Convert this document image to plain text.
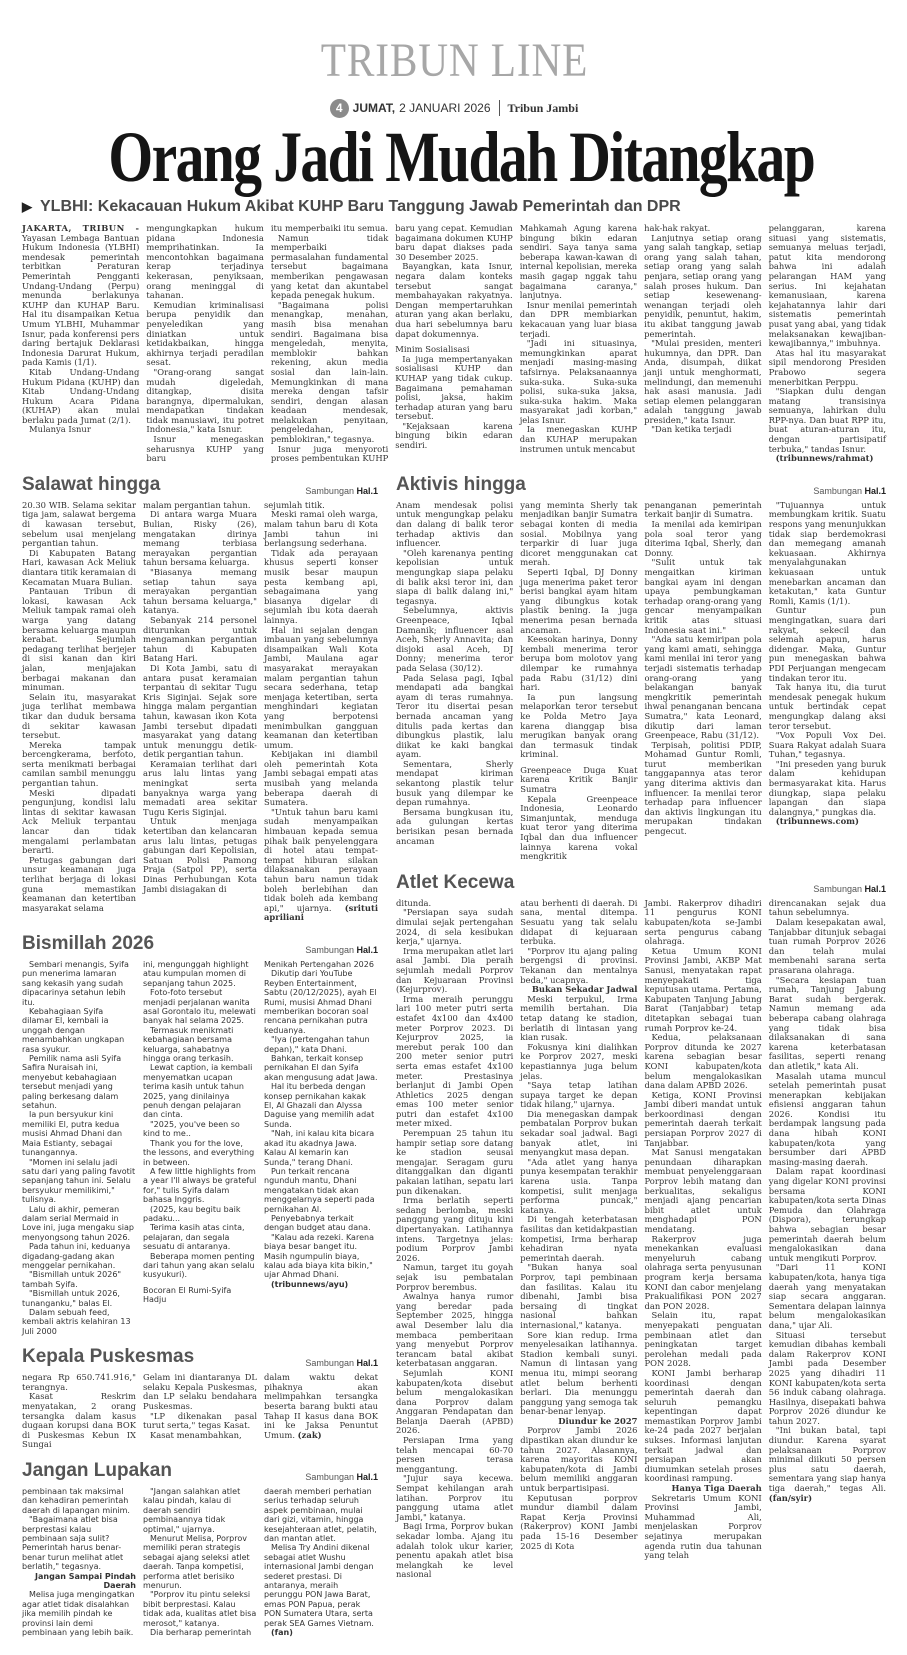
TRIBUN LINE
4 JUMAT, 2 JANUARI 2026 Tribun Jambi
Orang Jadi Mudah Ditangkap
▶ YLBHI: Kekacauan Hukum Akibat KUHP Baru Tanggung Jawab Pemerintah dan DPR

JAKARTA, TRIBUN - Yayasan Lembaga Bantuan Hukum Indonesia (YLBHI) mendesak pemerintah terbitkan Peraturan Pemerintah Pengganti Undang-Undang (Perpu) menunda berlakunya KUHP dan KUHAP Baru. Hal itu disampaikan Ketua Umum YLBHI, Muhammar Isnur, pada konferensi pers daring bertajuk Deklarasi Indonesia Darurat Hukum, pada Kamis (1/1).

Kitab Undang-Undang Hukum Pidana (KUHP) dan Kitab Undang-Undang Hukum Acara Pidana (KUHAP) akan mulai berlaku pada Jumat (2/1).

Mulanya Isnur

mengungkapkan hukum pidana Indonesia memprihatinkan. Ia mencontohkan bagaimana kerap terjadinya kekerasan, penyiksaan, orang meninggal di tahanan.

Kemudian kriminalisasi berupa penyidik dan penyeledikan yang diniatkan untuk ketidakbaikan, hingga akhirnya terjadi peradilan sesat.

"Orang-orang sangat mudah digeledah, ditangkap, disita barangnya, dipermalukan, mendapatkan tindakan tidak manusiawi, itu potret Indonesia," kata Isnur.

Isnur menegaskan seharusnya KUHP yang baru

itu memperbaiki itu semua.

Namun tidak memperbaiki permasalahan fundamental tersebut bagaimana memberikan pengawasan yang ketat dan akuntabel kepada penegak hukum.

"Bagaimana polisi menangkap, menahan, masih bisa menahan sendiri. Bagaimana bisa mengeledah, menyita, memblokir bahkan rekening, akun media sosial dan lain-lain. Memungkinkan di mana mereka dengan tafsir sendiri, dengan alasan keadaan mendesak, melakukan penyitaan, pengeledahan, pemblokiran," tegasnya.

Isnur juga menyoroti proses pembentukan KUHP

baru yang cepat. Kemudian bagaimana dokumen KUHP baru dapat diakses pada 30 Desember 2025.

Bayangkan, kata Isnur, negara dalam konteks tersebut sangat membahayakan rakyatnya. Dengan mempertaruhkan aturan yang akan berlaku, dua hari sebelumnya baru dapat dokumennya.

Minim Sosialisasi

Ia juga mempertanyakan sosialisasi KUHP dan KUHAP yang tidak cukup. Bagaimana pemahaman polisi, jaksa, hakim terhadap aturan yang baru tersebut.

"Kejaksaan karena bingung bikin edaran sendiri.

Mahkamah Agung karena bingung bikin edaran sendiri. Saya tanya sama beberapa kawan-kawan di internal kepolisian, mereka masih gagap nggak tahu bagaimana caranya," lanjutnya.

Isnur menilai pemerintah dan DPR membiarkan kekacauan yang luar biasa terjadi.

"Jadi ini situasinya, memungkinkan aparat menjadi masing-masing tafsirnya. Pelaksanaannya suka-suka. Suka-suka polisi, suka-suka jaksa, suka-suka hakim. Maka masyarakat jadi korban," jelas Isnur.

Ia menegaskan KUHP dan KUHAP merupakan instrumen untuk mencabut

hak-hak rakyat.

Lanjutnya setiap orang yang salah tangkap, setiap orang yang salah tahan, setiap orang yang salah penjara, setiap orang yang salah proses hukum. Dan setiap kesewenang-wenangan terjadi oleh penyidik, penuntut, hakim, itu akibat tanggung jawab pemerintah.

"Mulai presiden, menteri hukumnya, dan DPR. Dan Anda, disumpah, diikat janji untuk menghormati, melindungi, dan memenuhi hak asasi manusia. Jadi setiap elemen pelanggaran adalah tanggung jawab presiden," kata Isnur.

"Dan ketika terjadi

pelanggaran, karena situasi yang sistematis, semuanya meluas terjadi, patut kita mendorong bahwa ini adalah pelarangan HAM yang serius. Ini kejahatan kemanusiaan, karena kejahatannya lahir dari sistematis pemerintah pusat yang abai, yang tidak melaksanakan kewajiban-kewajibannya," imbuhnya.

Atas hal itu masyarakat sipil mendorong Presiden Prabowo segera menerbitkan Perppu.

"Siapkan dulu dengan matang transisinya semuanya, lahirkan dulu RPP-nya. Dan buat RPP itu, buat aturan-aturan itu, dengan partisipatif terbuka," tandas Isnur.

(tribunnews/rahmat)

Salawat hingga	Sambungan Hal.1

20.30 WIB. Selama sekitar tiga jam, salawat bergema di kawasan tersebut, sebelum usai menjelang pergantian tahun.

Di Kabupaten Batang Hari, kawasan Ack Meliuk diantara titik keramaian di Kecamatan Muara Bulian.

Pantauan Tribun di lokasi, kawasan Ack Meliuk tampak ramai oleh warga yang datang bersama keluarga maupun kerabat. Sejumlah pedagang terlihat berjejer di sisi kanan dan kiri jalan, menjajakan berbagai makanan dan minuman.

Selain itu, masyarakat juga terlihat membawa tikar dan duduk bersama di sekitar kawasan tersebut.

Mereka tampak bercengkerama, berfoto, serta menikmati berbagai camilan sambil menunggu pergantian tahun.

Meski dipadati pengunjung, kondisi lalu lintas di sekitar kawasan Ack Meliuk terpantau lancar dan tidak mengalami perlambatan berarti.

Petugas gabungan dari unsur keamanan juga terlihat berjaga di lokasi guna memastikan keamanan dan ketertiban masyarakat selama

malam pergantian tahun.

Di antara warga Muara Bulian, Risky (26), mengatakan dirinya memang terbiasa merayakan pergantian tahun bersama keluarga.

"Biasanya memang setiap tahun saya merayakan pergantian tahun bersama keluarga," katanya.

Sebanyak 214 personel diturunkan untuk mengamankan pergantian tahun di Kabupaten Batang Hari.

Di Kota Jambi, satu di antara pusat keramaian terpantau di sekitar Tugu Kris Siginjai. Sejak sore hingga malam pergantian tahun, kawasan ikon Kota Jambi tersebut dipadati masyarakat yang datang untuk menunggu detik-detik pergantian tahun.

Keramaian terlihat dari arus lalu lintas yang meningkat serta banyaknya warga yang memadati area sekitar Tugu Keris Siginjai.

Untuk menjaga ketertiban dan kelancaran arus lalu lintas, petugas gabungan dari Kepolisian, Satuan Polisi Pamong Praja (Satpol PP), serta Dinas Perhubungan Kota Jambi disiagakan di

sejumlah titik.

Meski ramai oleh warga, malam tahun baru di Kota Jambi tahun ini berlangsung sederhana.

Tidak ada perayaan khusus seperti konser musik besar maupun pesta kembang api, sebagaimana yang biasanya digelar di sejumlah ibu kota daerah lainnya.

Hal ini sejalan dengan imbauan yang sebelumnya disampaikan Wali Kota Jambi, Maulana agar masyarakat merayakan malam pergantian tahun secara sederhana, tetap menjaga ketertiban, serta menghindari kegiatan yang berpotensi menimbulkan gangguan keamanan dan ketertiban umum.

Kebijakan ini diambil oleh pemerintah Kota Jambi sebagai empati atas musibah yang melanda beberapa daerah di Sumatera.

"Untuk tahun baru kami sudah menyampaikan himbauan kepada semua pihak baik penyelenggara di hotel atau tempat-tempat hiburan silakan dilaksanakan perayaan tahun baru namun tidak boleh berlebihan dan tidak boleh ada kembang api," ujarnya. (srituti apriliani

Bismillah 2026	Sambungan Hal.1

Sembari menangis, Syifa pun menerima lamaran sang kekasih yang sudah dipacarinya setahun lebih itu.

Kebahagiaan Syifa dilamar El, kembali ia unggah dengan menambahkan ungkapan rasa syukur.

Pemilik nama asli Syifa Safira Nuraisah ini, menyebut kebahagiaan tersebut menjadi yang paling berkesang dalam setahun.

Ia pun bersyukur kini memiliki El, putra kedua musisi Ahmad Dhani dan Maia Estianty, sebagai tunangannya.

"Momen ini selalu jadi satu dari yang paling favotit sepanjang tahun ini. Selalu bersyukur memilikimi," tulisnya.

Lalu di akhir, pemeran dalam serial Mermaid in Love ini, juga mengaku siap menyongsong tahun 2026.

Pada tahun ini, keduanya digadang-gadang akan menggelar pernikahan.

"Bismillah untuk 2026" tambah Syifa.

"Bismillah untuk 2026, tunanganku," balas El.

Dalam sebuah feed, kembali aktris kelahiran 13 Juli 2000

ini, mengunggah highlight atau kumpulan momen di sepanjang tahun 2025.

Foto-foto tersebut menjadi perjalanan wanita asal Gorontalo itu, melewati banyak hal selama 2025.

Termasuk menikmati kebahagiaan bersama keluarga, sahabatnya hingga orang terkasih.

Lewat caption, ia kembali menyematkan ucapan terima kasih untuk tahun 2025, yang dinilainya penuh dengan pelajaran dan cinta.

"2025, you've been so kind to me..

Thank you for the love, the lessons, and everything in between.

A few little highlights from a year I'll always be grateful for," tulis Syifa dalam bahasa Inggris.

(2025, kau begitu baik padaku...

Terima kasih atas cinta, pelajaran, dan segala sesuatu di antaranya.

Beberapa momen penting dari tahun yang akan selalu kusyukuri).

Bocoran El Rumi-Syifa Hadju

Menikah Pertengahan 2026

Dikutip dari YouTube Reyben Entertainment, Sabtu (20/12/2025), ayah El Rumi, musisi Ahmad Dhani memberikan bocoran soal rencana pernikahan putra keduanya.

"Iya (pertengahan tahun depan)," kata Dhani.

Bahkan, terkait konsep pernikahan El dan Syifa akan mengusung adat Jawa.

Hal itu berbeda dengan konsep pernikahan kakak El, Al Ghazali dan Alyssa Daguise yang memilih adat Sunda.

"Nah, ini kalau kita bicara akad itu akadnya Jawa. Kalau Al kemarin kan Sunda," terang Dhani.

Pun terkait rencana ngunduh mantu, Dhani mengatakan tidak akan menggelarnya seperti pada pernikahan Al.

Penyebabnya terkait dengan budget atau dana.

"Kalau ada rezeki. Karena biaya besar banget itu. Masih ngumpulin biaya, kalau ada biaya kita bikin," ujar Ahmad Dhani.

(tribunnews/ayu)

Kepala Puskesmas	Sambungan Hal.1

negara Rp 650.741.916," terangnya.

Kasat Reskrim menyatakan, 2 orang tersangka dalam kasus dugaan korupsi dana BOK di Puskesmas Kebun IX Sungai

Gelam ini diantaranya DL selaku Kepala Puskesmas, dan LP selaku bendahara Puskesmas.

"LP dikenakan pasal turut serta," tegas Kasat.

Kasat menambahkan,

dalam waktu dekat pihaknya akan melimpahkan tersangka beserta barang bukti atau Tahap II kasus dana BOK ini ke Jaksa Penuntut Umum. (zak)

Jangan Lupakan	Sambungan Hal.1

pembinaan tak maksimal dan kehadiran pemerintah daerah di lapangan minim.

"Bagaimana atlet bisa berprestasi kalau pembinaan saja sulit? Pemerintah harus benar-benar turun melihat atlet berlatih," tegasnya.

Jangan Sampai Pindah Daerah

Melisa juga mengingatkan agar atlet tidak disalahkan jika memilih pindah ke provinsi lain demi pembinaan yang lebih baik.

"Jangan salahkan atlet kalau pindah, kalau di daerah sendiri pembinaannya tidak optimal," ujarnya.

Menurut Melisa, Porprov memiliki peran strategis sebagai ajang seleksi atlet daerah. Tanpa kompetisi, performa atlet berisiko menurun.

"Porprov itu pintu seleksi bibit berprestasi. Kalau tidak ada, kualitas atlet bisa merosot," katanya.

Dia berharap pemerintah

daerah memberi perhatian serius terhadap seluruh aspek pembinaan, mulai dari gizi, vitamin, hingga kesejahteraan atlet, pelatih, dan mantan atlet.

Melisa Try Andini dikenal sebagai atlet Wushu internasional Jambi dengan sederet prestasi. Di antaranya, meraih perunggu PON Jawa Barat, emas PON Papua, perak PON Sumatera Utara, serta perak SEA Games Vietnam.

(fan)

Aktivis hingga	Sambungan Hal.1

Anam mendesak polisi untuk mengungkap pelaku dan dalang di balik teror terhadap aktivis dan influencer.

"Oleh karenanya penting kepolisian untuk mengungkap siapa pelaku di balik aksi teror ini, dan siapa di balik dalang ini," tegasnya.

Sebelumnya, aktivis Greenpeace, Iqbal Damanik; influencer asal Aceh, Sherly Annavita; dan disjoki asal Aceh, DJ Donny; menerima teror pada Selasa (30/12).

Pada Selasa pagi, Iqbal mendapati ada bangkai ayam di teras rumahnya. Teror itu disertai pesan bernada ancaman yang ditulis pada kertas dan dibungkus plastik, lalu diikat ke kaki bangkai ayam.

Sementara, Sherly mendapat kiriman sekantong plastik telur busuk yang dilempar ke depan rumahnya.

Bersama bungkusan itu, ada gulungan kertas berisikan pesan bernada ancaman

yang meminta Sherly tak menjadikan banjir Sumatra sebagai konten di media sosial. Mobilnya yang terparkir di luar juga dicoret menggunakan cat merah.

Seperti Iqbal, DJ Donny juga menerima paket teror berisi bangkai ayam hitam yang dibungkus kotak plastik bening. Ia juga menerima pesan bernada ancaman.

Keesokan harinya, Donny kembali menerima teror berupa bom molotov yang dilempar ke rumahnya pada Rabu (31/12) dini hari.

Ia pun langsung melaporkan teror tersebut ke Polda Metro Jaya karena dianggap bisa merugikan banyak orang dan termasuk tindak kriminal.

Greenpeace Duga Kuat karena Kritik Banjir Sumatra

Kepala Greenpeace Indonesia, Leonardo Simanjuntak, menduga kuat teror yang diterima Iqbal dan dua influencer lainnya karena vokal mengkritik

penanganan pemerintah terkait banjir di Sumatra.

Ia menilai ada kemiripan pola soal teror yang diterima Iqbal, Sherly, dan Donny.

"Sulit untuk tak mengaitkan kiriman bangkai ayam ini dengan upaya pembungkaman terhadap orang-orang yang gencar menyampaikan kritik atas situasi Indonesia saat ini."

"Ada satu kemiripan pola yang kami amati, sehingga kami menilai ini teror yang terjadi sistematis terhadap orang-orang yang belakangan banyak mengkritik pemerintah ihwal penanganan bencana Sumatra," kata Leonard, dikutip dari laman Greenpeace, Rabu (31/12).

Terpisah, politisi PDIP, Mohamad Guntur Romli, turut memberikan tanggapannya atas teror yang diterima aktivis dan influencer. Ia menilai teror terhadap para influencer dan aktivis lingkungan itu merupakan tindakan pengecut.

"Tujuannya untuk membungkam kritik. Suatu respons yang menunjukkan tidak siap berdemokrasi dan memegang amanah kekuasaan. Akhirnya menyalahgunakan kekuasaan untuk menebarkan ancaman dan ketakutan," kata Guntur Romli, Kamis (1/1).

Guntur pun mengingatkan, suara dari rakyat, sekecil dan selemah apapun, harus didengar. Maka, Guntur pun menegaskan bahwa PDI Perjuangan mengecam tindakan teror itu.

Tak hanya itu, dia turut mendesak penegak hukum untuk bertindak cepat mengungkap dalang aksi teror tersebut.

"Vox Populi Vox Dei. Suara Rakyat adalah Suara Tuhan," tegasnya.

"Ini preseden yang buruk dalam kehidupan bermasyarakat kita. Harus diungkap, siapa pelaku lapangan dan siapa dalangnya," pungkas dia.

(tribunnews.com)

Atlet Kecewa	Sambungan Hal.1

ditunda.

"Persiapan saya sudah dimulai sejak pertengahan 2024, di sela kesibukan kerja," ujarnya.

Irma merupakan atlet lari asal Jambi. Dia peraih sejumlah medali Porprov dan Kejuaraan Provinsi (Kejurprov).

Irma meraih perunggu lari 100 meter putri serta estafet 4x100 dan 4x400 meter Porprov 2023. Di Kejurprov 2025, ia merebut perak 100 dan 200 meter senior putri serta emas estafet 4x100 meter. Prestasinya berlanjut di Jambi Open Athletics 2025 dengan emas 100 meter senior putri dan estafet 4x100 meter mixed.

Perempuan 25 tahun itu hampir setiap sore datang ke stadion seusai mengajar. Seragam guru ditanggalkan dan diganti pakaian latihan, sepatu lari pun dikenakan.

Irma berlatih seperti sedang berlomba, meski panggung yang dituju kini dipertanyakan. Latihannya intens. Targetnya jelas: podium Porprov Jambi 2026.

Namun, target itu goyah sejak isu pembatalan Porprov berembus.

Awalnya hanya rumor yang beredar pada September 2025, hingga awal Desember lalu dia membaca pemberitaan yang menyebut Porprov terancam batal akibat keterbatasan anggaran.

Sejumlah KONI kabupaten/kota disebut belum mengalokasikan dana Porprov dalam Anggaran Pendapatan dan Belanja Daerah (APBD) 2026.

Persiapan Irma yang telah mencapai 60-70 persen terasa menggantung.

"Jujur saya kecewa. Sempat kehilangan arah latihan. Porprov itu panggung utama atlet Jambi," katanya.

Bagi Irma, Porprov bukan sekadar lomba. Ajang itu adalah tolok ukur karier, penentu apakah atlet bisa melangkah ke level nasional

atau berhenti di daerah. Di sana, mental ditempa. Sesuatu yang tak selalu didapat di kejuaraan terbuka.

"Porprov itu ajang paling bergengsi di provinsi. Tekanan dan mentalnya beda," ucapnya.

Bukan Sekadar Jadwal

Meski terpukul, Irma memilih bertahan. Dia tetap datang ke stadion, berlatih di lintasan yang kian rusak.

Fokusnya kini dialihkan ke Porprov 2027, meski kepastiannya juga belum jelas.

"Saya tetap latihan supaya target ke depan tidak hilang," ujarnya.

Dia menegaskan dampak pembatalan Porprov bukan sekadar soal jadwal. Bagi banyak atlet, ini menyangkut masa depan.

"Ada atlet yang hanya punya kesempatan terakhir karena usia. Tanpa kompetisi, sulit menjaga performa puncak," katanya.

Di tengah keterbatasan fasilitas dan ketidakpastian kompetisi, Irma berharap kehadiran nyata pemerintah daerah.

"Bukan hanya soal Porprov, tapi pembinaan dan fasilitas. Kalau itu dibenahi, Jambi bisa bersaing di tingkat nasional bahkan internasional," katanya.

Sore kian redup. Irma menyelesaikan latihannya. Stadion kembali sunyi. Namun di lintasan yang menua itu, mimpi seorang atlet belum berhenti berlari. Dia menunggu panggung yang semoga tak benar-benar lenyap.

Diundur ke 2027

Porprov Jambi 2026 dipastikan akan diundur ke tahun 2027. Alasannya, karena mayoritas KONI kabupaten/kota di Jambi belum memiliki anggaran untuk berpartisipasi.

Keputusan porprov mundur diambil dalam Rapat Kerja Provinsi (Rakerprov) KONI Jambi pada 15-16 Desember 2025 di Kota

Jambi. Rakerprov dihadiri 11 pengurus KONI kabupaten/kota se-Jambi serta pengurus cabang olahraga.

Ketua Umum KONI Provinsi Jambi, AKBP Mat Sanusi, menyatakan rapat menyepakati tiga keputusan utama. Pertama, Kabupaten Tanjung Jabung Barat (Tanjabbar) tetap ditetapkan sebagai tuan rumah Porprov ke-24.

Kedua, pelaksanaan Porprov ditunda ke 2027 karena sebagian besar KONI kabupaten/kota belum mengalokasikan dana dalam APBD 2026.

Ketiga, KONI Provinsi Jambi diberi mandat untuk berkoordinasi dengan pemerintah daerah terkait persiapan Porprov 2027 di Tanjabbar.

Mat Sanusi mengatakan penundaan diharapkan membuat penyelenggaraan Porprov lebih matang dan berkualitas, sekaligus menjadi ajang pencarian bibit atlet untuk menghadapi PON mendatang.

Rakerprov juga menekankan evaluasi menyeluruh cabang olahraga serta penyusunan program kerja bersama KONI dan cabor menjelang Prakualifikasi PON 2027 dan PON 2028.

Selain itu, rapat menyepakati penguatan pembinaan atlet dan peningkatan target perolehan medali pada PON 2028.

KONI Jambi berharap koordinasi dengan pemerintah daerah dan seluruh pemangku kepentingan dapat memastikan Porprov Jambi ke-24 pada 2027 berjalan sukses. Informasi lanjutan terkait jadwal dan persiapan akan diumumkan setelah proses koordinasi rampung.

Hanya Tiga Daerah

Sekretaris Umum KONI Provinsi Jambi, Muhammad Ali, menjelaskan Porprov sejatinya merupakan agenda rutin dua tahunan yang telah

direncanakan sejak dua tahun sebelumnya.

Dalam kesepakatan awal, Tanjabbar ditunjuk sebagai tuan rumah Porprov 2026 dan telah mulai membenahi sarana serta prasarana olahraga.

"Secara kesiapan tuan rumah, Tanjung Jabung Barat sudah bergerak. Namun memang ada beberapa cabang olahraga yang tidak bisa dilaksanakan di sana karena keterbatasan fasilitas, seperti renang dan atletik," kata Ali.

Masalah utama muncul setelah pemerintah pusat menerapkan kebijakan efisiensi anggaran tahun 2026. Kondisi itu berdampak langsung pada dana hibah KONI kabupaten/kota yang bersumber dari APBD masing-masing daerah.

Dalam rapat koordinasi yang digelar KONI provinsi bersama KONI kabupaten/kota serta Dinas Pemuda dan Olahraga (Dispora), terungkap bahwa sebagian besar pemerintah daerah belum mengalokasikan dana untuk mengikuti Porprov.

"Dari 11 KONI kabupaten/kota, hanya tiga daerah yang menyatakan siap secara anggaran. Sementara delapan lainnya belum mengalokasikan dana," ujar Ali.

Situasi tersebut kemudian dibahas kembali dalam Rakerprov KONI Jambi pada Desember 2025 yang dihadiri 11 KONI kabupaten/kota serta 56 induk cabang olahraga. Hasilnya, disepakati bahwa Porprov 2026 diundur ke tahun 2027.

"Ini bukan batal, tapi diundur. Karena syarat pelaksanaan Porprov minimal diikuti 50 persen plus satu daerah, sementara yang siap hanya tiga daerah," tegas Ali. (fan/syir)
